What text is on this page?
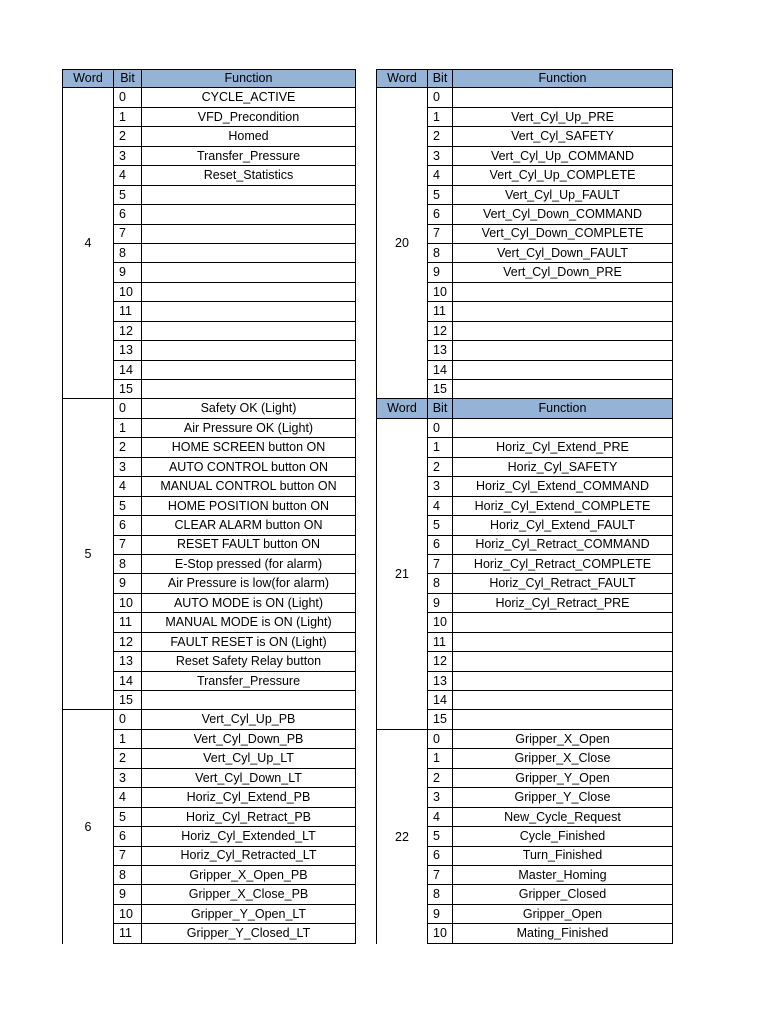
Word	Bit	Function
4
0	CYCLE_ACTIVE
1	VFD_Precondition
2	Homed
3	Transfer_Pressure
4	Reset_Statistics
5
6
7
8
9
10
11
12
13
14
15
5
0	Safety OK (Light)
1	Air Pressure OK (Light)
2	HOME SCREEN button ON
3	AUTO CONTROL button ON
4	MANUAL CONTROL button ON
5	HOME POSITION button ON
6	CLEAR ALARM button ON
7	RESET FAULT button ON
8	E-Stop pressed (for alarm)
9	Air Pressure is low(for alarm)
10	AUTO MODE is ON (Light)
11	MANUAL MODE is ON (Light)
12	FAULT RESET is ON (Light)
13	Reset Safety Relay button
14	Transfer_Pressure
15
6
0	Vert_Cyl_Up_PB
1	Vert_Cyl_Down_PB
2	Vert_Cyl_Up_LT
3	Vert_Cyl_Down_LT
4	Horiz_Cyl_Extend_PB
5	Horiz_Cyl_Retract_PB
6	Horiz_Cyl_Extended_LT
7	Horiz_Cyl_Retracted_LT
8	Gripper_X_Open_PB
9	Gripper_X_Close_PB
10	Gripper_Y_Open_LT
11	Gripper_Y_Closed_LT
Word	Bit	Function
20
0
1	Vert_Cyl_Up_PRE
2	Vert_Cyl_SAFETY
3	Vert_Cyl_Up_COMMAND
4	Vert_Cyl_Up_COMPLETE
5	Vert_Cyl_Up_FAULT
6	Vert_Cyl_Down_COMMAND
7	Vert_Cyl_Down_COMPLETE
8	Vert_Cyl_Down_FAULT
9	Vert_Cyl_Down_PRE
10
11
12
13
14
15
Word	Bit	Function
21
0
1	Horiz_Cyl_Extend_PRE
2	Horiz_Cyl_SAFETY
3	Horiz_Cyl_Extend_COMMAND
4	Horiz_Cyl_Extend_COMPLETE
5	Horiz_Cyl_Extend_FAULT
6	Horiz_Cyl_Retract_COMMAND
7	Horiz_Cyl_Retract_COMPLETE
8	Horiz_Cyl_Retract_FAULT
9	Horiz_Cyl_Retract_PRE
10
11
12
13
14
15
22
0	Gripper_X_Open
1	Gripper_X_Close
2	Gripper_Y_Open
3	Gripper_Y_Close
4	New_Cycle_Request
5	Cycle_Finished
6	Turn_Finished
7	Master_Homing
8	Gripper_Closed
9	Gripper_Open
10	Mating_Finished
